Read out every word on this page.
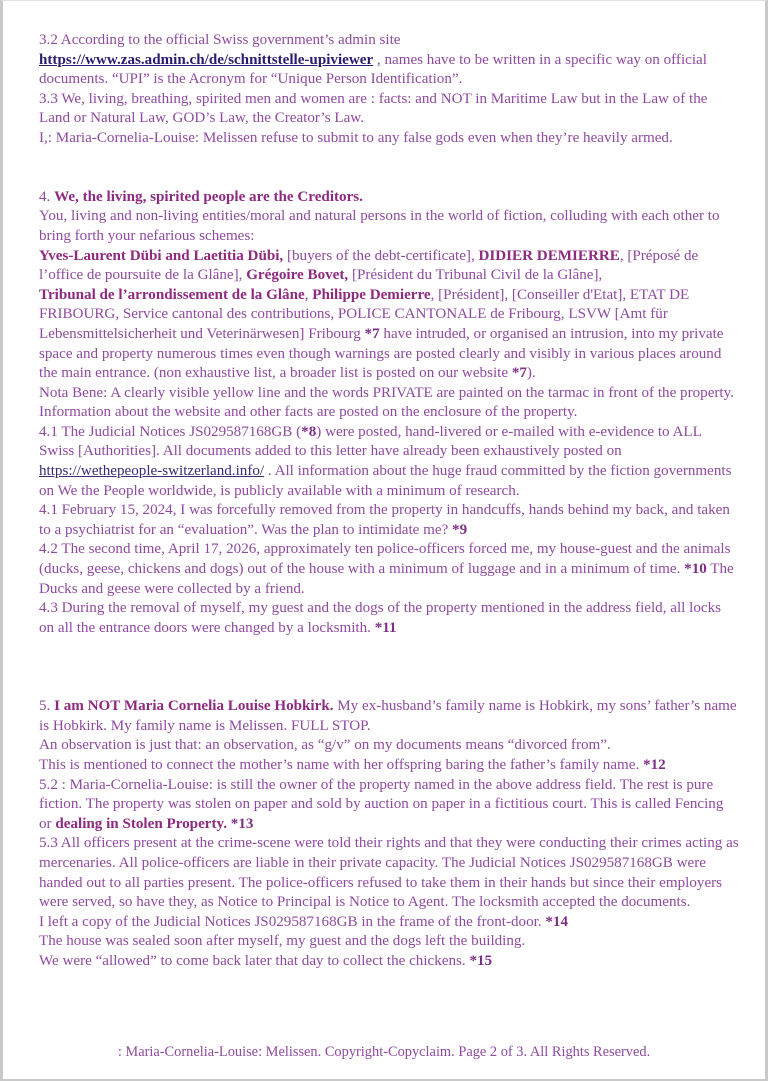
3.2 According to the official Swiss government’s admin site
https://www.zas.admin.ch/de/schnittstelle-upiviewer , names have to be written in a specific way on official documents. “UPI” is the Acronym for “Unique Person Identification”.

3.3 We, living, breathing, spirited men and women are : facts: and NOT in Maritime Law but in the Law of the Land or Natural Law, GOD’s Law, the Creator’s Law.

I,: Maria-Cornelia-Louise: Melissen refuse to submit to any false gods even when they’re heavily armed.

4. We, the living, spirited people are the Creditors.

You, living and non-living entities/moral and natural persons in the world of fiction, colluding with each other to bring forth your nefarious schemes:

Yves-Laurent Dübi and Laetitia Dübi, [buyers of the debt-certificate], DIDIER DEMIERRE, [Préposé de l’office de poursuite de la Glâne], Grégoire Bovet, [Président du Tribunal Civil de la Glâne],

Tribunal de l’arrondissement de la Glâne, Philippe Demierre, [Président], [Conseiller d'Etat], ETAT DE FRIBOURG, Service cantonal des contributions, POLICE CANTONALE de Fribourg, LSVW [Amt für Lebensmittelsicherheit und Veterinärwesen] Fribourg *7 have intruded, or organised an intrusion, into my private space and property numerous times even though warnings are posted clearly and visibly in various places around the main entrance. (non exhaustive list, a broader list is posted on our website *7).

Nota Bene: A clearly visible yellow line and the words PRIVATE are painted on the tarmac in front of the property. Information about the website and other facts are posted on the enclosure of the property.

4.1 The Judicial Notices JS029587168GB (*8) were posted, hand-livered or e-mailed with e-evidence to ALL Swiss [Authorities]. All documents added to this letter have already been exhaustively posted on https://wethepeople-switzerland.info/ . All information about the huge fraud committed by the fiction governments on We the People worldwide, is publicly available with a minimum of research.

4.1 February 15, 2024, I was forcefully removed from the property in handcuffs, hands behind my back, and taken to a psychiatrist for an “evaluation”. Was the plan to intimidate me? *9

4.2 The second time, April 17, 2026, approximately ten police-officers forced me, my house-guest and the animals (ducks, geese, chickens and dogs) out of the house with a minimum of luggage and in a minimum of time. *10 The Ducks and geese were collected by a friend.

4.3 During the removal of myself, my guest and the dogs of the property mentioned in the address field, all locks on all the entrance doors were changed by a locksmith. *11

5. I am NOT Maria Cornelia Louise Hobkirk. My ex-husband’s family name is Hobkirk, my sons’ father’s name is Hobkirk. My family name is Melissen. FULL STOP.

An observation is just that: an observation, as “g/v” on my documents means “divorced from”.

This is mentioned to connect the mother’s name with her offspring baring the father’s family name. *12

5.2 : Maria-Cornelia-Louise: is still the owner of the property named in the above address field. The rest is pure fiction. The property was stolen on paper and sold by auction on paper in a fictitious court. This is called Fencing or dealing in Stolen Property. *13

5.3 All officers present at the crime-scene were told their rights and that they were conducting their crimes acting as mercenaries. All police-officers are liable in their private capacity. The Judicial Notices JS029587168GB were handed out to all parties present. The police-officers refused to take them in their hands but since their employers were served, so have they, as Notice to Principal is Notice to Agent. The locksmith accepted the documents.

I left a copy of the Judicial Notices JS029587168GB in the frame of the front-door. *14

The house was sealed soon after myself, my guest and the dogs left the building.

We were “allowed” to come back later that day to collect the chickens. *15

: Maria-Cornelia-Louise: Melissen. Copyright-Copyclaim. Page 2 of 3. All Rights Reserved.
